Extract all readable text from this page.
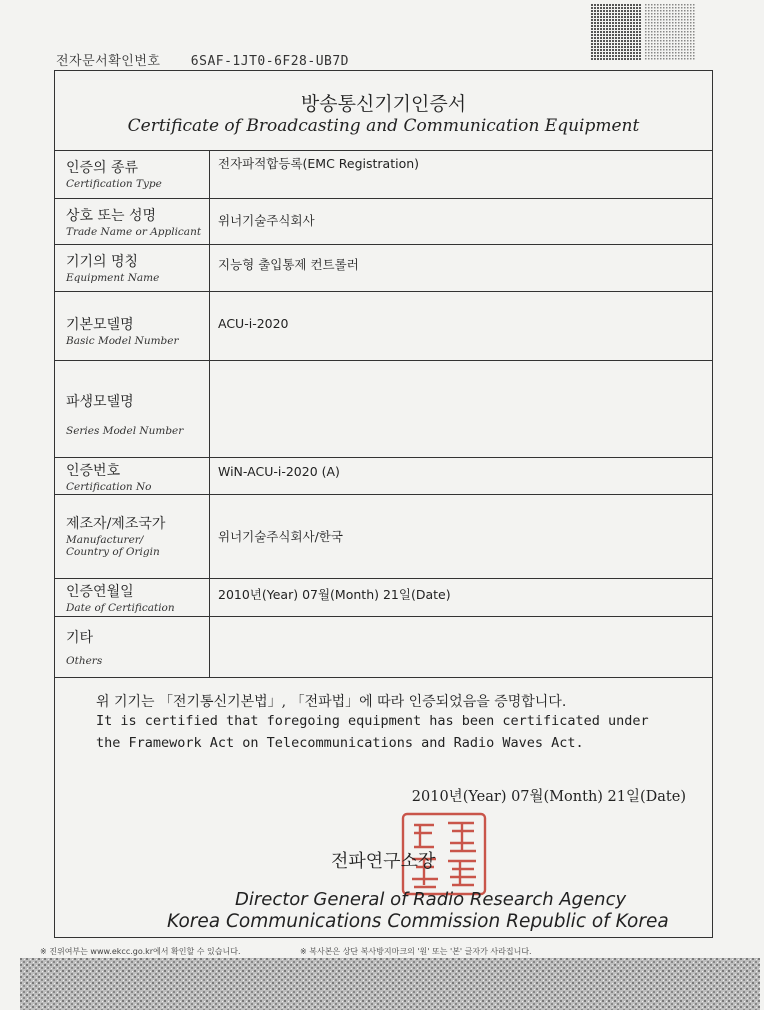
전자문서확인번호 6SAF-1JT0-6F28-UB7D
방송통신기기인증서
Certificate of Broadcasting and Communication Equipment
인증의 종류
Certification Type
전자파적합등록(EMC Registration)
상호 또는 성명
Trade Name or Applicant
위너기술주식회사
기기의 명칭
Equipment Name
지능형 출입통제 컨트롤러
기본모델명
Basic Model Number
ACU-i-2020
파생모델명
Series Model Number
인증번호
Certification No
WiN-ACU-i-2020 (A)
제조자/제조국가
Manufacturer/
Country of Origin
위너기술주식회사/한국
인증연월일
Date of Certification
2010년(Year) 07월(Month) 21일(Date)
기타
Others
위 기기는 「전기통신기본법」, 「전파법」에 따라 인증되었음을 증명합니다.
It is certified that foregoing equipment has been certificated under
the Framework Act on Telecommunications and Radio Waves Act.
2010년(Year) 07월(Month) 21일(Date)
전파연구소장
Director General of Radio Research Agency
Korea Communications Commission Republic of Korea
※ 진위여부는 www.ekcc.go.kr에서 확인할 수 있습니다.	※ 복사본은 상단 복사방지마크의 '원' 또는 '본' 글자가 사라집니다.
